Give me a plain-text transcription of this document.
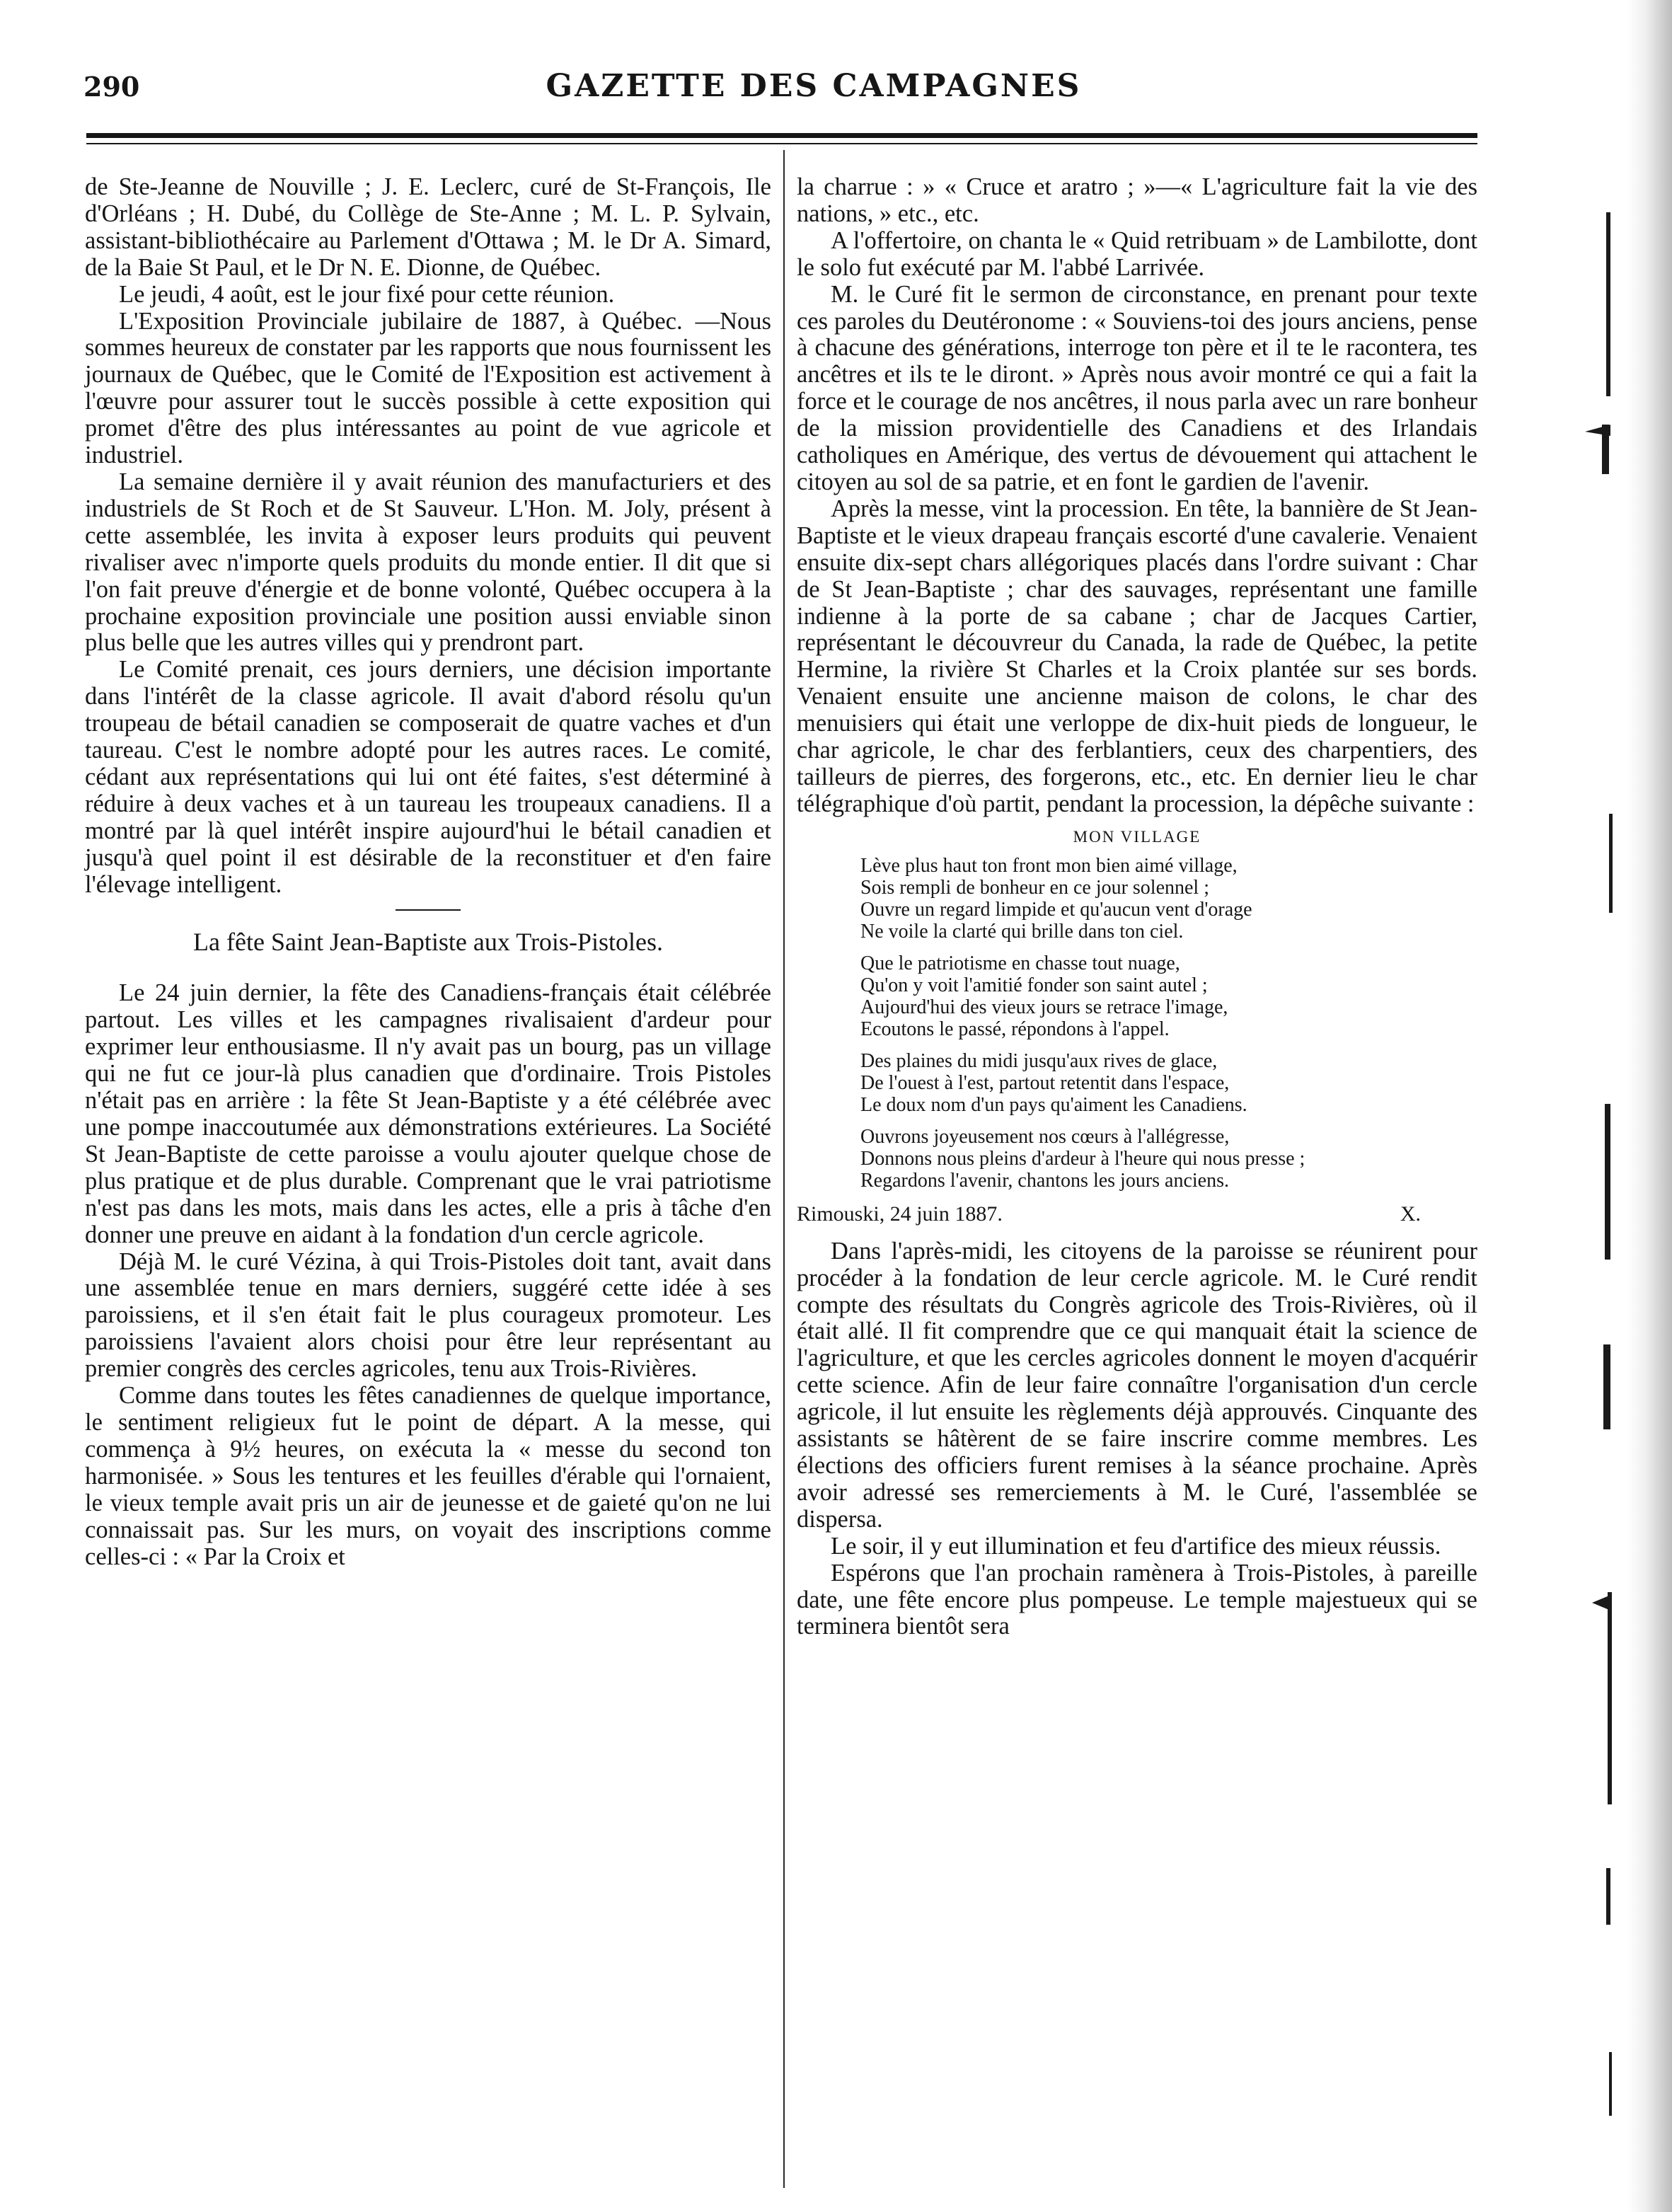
290	GAZETTE DES CAMPAGNES

de Ste-Jeanne de Nouville ; J. E. Leclerc, curé de St-François, Ile d'Orléans ; H. Dubé, du Collège de Ste-Anne ; M. L. P. Sylvain, assistant-bibliothécaire au Parlement d'Ottawa ; M. le Dr A. Simard, de la Baie St Paul, et le Dr N. E. Dionne, de Québec.

Le jeudi, 4 août, est le jour fixé pour cette réunion.

L'Exposition Provinciale jubilaire de 1887, à Québec. —Nous sommes heureux de constater par les rapports que nous fournissent les journaux de Québec, que le Comité de l'Exposition est activement à l'œuvre pour assurer tout le succès possible à cette exposition qui promet d'être des plus intéressantes au point de vue agricole et industriel.

La semaine dernière il y avait réunion des manufacturiers et des industriels de St Roch et de St Sauveur. L'Hon. M. Joly, présent à cette assemblée, les invita à exposer leurs produits qui peuvent rivaliser avec n'importe quels produits du monde entier. Il dit que si l'on fait preuve d'énergie et de bonne volonté, Québec occupera à la prochaine exposition provinciale une position aussi enviable sinon plus belle que les autres villes qui y prendront part.

Le Comité prenait, ces jours derniers, une décision importante dans l'intérêt de la classe agricole. Il avait d'abord résolu qu'un troupeau de bétail canadien se composerait de quatre vaches et d'un taureau. C'est le nombre adopté pour les autres races. Le comité, cédant aux représentations qui lui ont été faites, s'est déterminé à réduire à deux vaches et à un taureau les troupeaux canadiens. Il a montré par là quel intérêt inspire aujourd'hui le bétail canadien et jusqu'à quel point il est désirable de la reconstituer et d'en faire l'élevage intelligent.

La fête Saint Jean-Baptiste aux Trois-Pistoles.

Le 24 juin dernier, la fête des Canadiens-français était célébrée partout. Les villes et les campagnes rivalisaient d'ardeur pour exprimer leur enthousiasme. Il n'y avait pas un bourg, pas un village qui ne fut ce jour-là plus canadien que d'ordinaire. Trois Pistoles n'était pas en arrière : la fête St Jean-Baptiste y a été célébrée avec une pompe inaccoutumée aux démonstrations extérieures. La Société St Jean-Baptiste de cette paroisse a voulu ajouter quelque chose de plus pratique et de plus durable. Comprenant que le vrai patriotisme n'est pas dans les mots, mais dans les actes, elle a pris à tâche d'en donner une preuve en aidant à la fondation d'un cercle agricole.

Déjà M. le curé Vézina, à qui Trois-Pistoles doit tant, avait dans une assemblée tenue en mars derniers, suggéré cette idée à ses paroissiens, et il s'en était fait le plus courageux promoteur. Les paroissiens l'avaient alors choisi pour être leur représentant au premier congrès des cercles agricoles, tenu aux Trois-Rivières.

Comme dans toutes les fêtes canadiennes de quelque importance, le sentiment religieux fut le point de départ. A la messe, qui commença à 9½ heures, on exécuta la « messe du second ton harmonisée. » Sous les tentures et les feuilles d'érable qui l'ornaient, le vieux temple avait pris un air de jeunesse et de gaieté qu'on ne lui connaissait pas. Sur les murs, on voyait des inscriptions comme celles-ci : « Par la Croix et

la charrue : » « Cruce et aratro ; »—« L'agriculture fait la vie des nations, » etc., etc.

A l'offertoire, on chanta le « Quid retribuam » de Lambilotte, dont le solo fut exécuté par M. l'abbé Larrivée.

M. le Curé fit le sermon de circonstance, en prenant pour texte ces paroles du Deutéronome : « Souviens-toi des jours anciens, pense à chacune des générations, interroge ton père et il te le racontera, tes ancêtres et ils te le diront. » Après nous avoir montré ce qui a fait la force et le courage de nos ancêtres, il nous parla avec un rare bonheur de la mission providentielle des Canadiens et des Irlandais catholiques en Amérique, des vertus de dévouement qui attachent le citoyen au sol de sa patrie, et en font le gardien de l'avenir.

Après la messe, vint la procession. En tête, la bannière de St Jean-Baptiste et le vieux drapeau français escorté d'une cavalerie. Venaient ensuite dix-sept chars allégoriques placés dans l'ordre suivant : Char de St Jean-Baptiste ; char des sauvages, représentant une famille indienne à la porte de sa cabane ; char de Jacques Cartier, représentant le découvreur du Canada, la rade de Québec, la petite Hermine, la rivière St Charles et la Croix plantée sur ses bords. Venaient ensuite une ancienne maison de colons, le char des menuisiers qui était une verloppe de dix-huit pieds de longueur, le char agricole, le char des ferblantiers, ceux des charpentiers, des tailleurs de pierres, des forgerons, etc., etc. En dernier lieu le char télégraphique d'où partit, pendant la procession, la dépêche suivante :

MON VILLAGE
Lève plus haut ton front mon bien aimé village,
Sois rempli de bonheur en ce jour solennel ;
Ouvre un regard limpide et qu'aucun vent d'orage
Ne voile la clarté qui brille dans ton ciel.
Que le patriotisme en chasse tout nuage,
Qu'on y voit l'amitié fonder son saint autel ;
Aujourd'hui des vieux jours se retrace l'image,
Ecoutons le passé, répondons à l'appel.
Des plaines du midi jusqu'aux rives de glace,
De l'ouest à l'est, partout retentit dans l'espace,
Le doux nom d'un pays qu'aiment les Canadiens.
Ouvrons joyeusement nos cœurs à l'allégresse,
Donnons nous pleins d'ardeur à l'heure qui nous presse ;
Regardons l'avenir, chantons les jours anciens.
Rimouski, 24 juin 1887.	X.

Dans l'après-midi, les citoyens de la paroisse se réunirent pour procéder à la fondation de leur cercle agricole. M. le Curé rendit compte des résultats du Congrès agricole des Trois-Rivières, où il était allé. Il fit comprendre que ce qui manquait était la science de l'agriculture, et que les cercles agricoles donnent le moyen d'acquérir cette science. Afin de leur faire connaître l'organisation d'un cercle agricole, il lut ensuite les règlements déjà approuvés. Cinquante des assistants se hâtèrent de se faire inscrire comme membres. Les élections des officiers furent remises à la séance prochaine. Après avoir adressé ses remerciements à M. le Curé, l'assemblée se dispersa.

Le soir, il y eut illumination et feu d'artifice des mieux réussis.

Espérons que l'an prochain ramènera à Trois-Pistoles, à pareille date, une fête encore plus pompeuse. Le temple majestueux qui se terminera bientôt sera
